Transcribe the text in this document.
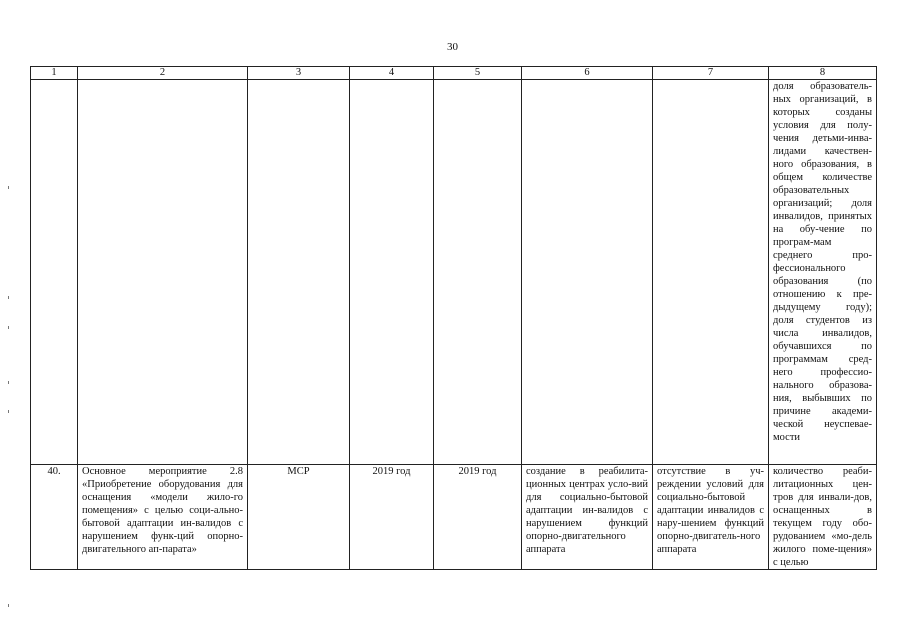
30
1	2	3	4	5	6	7	8
							доля образователь-ных организаций, в которых созданы условия для полу-чения детьми-инва-лидами качествен-ного образования, в общем количестве образовательных организаций; доля инвалидов, принятых на обу-чение по програм-мам среднего про-фессионального образования (по отношению к пре-дыдущему году); доля студентов из числа инвалидов, обучавшихся по программам сред-него профессио-нального образова-ния, выбывших по причине академи-ческой неуспевае-мости
40.	Основное мероприятие 2.8 «Приобретение оборудования для оснащения «модели жило-го помещения» с целью соци-ально-бытовой адаптации ин-валидов с нарушением функ-ций опорно-двигательного ап-парата»	МСР	2019 год	2019 год	создание в реабилита-ционных центрах усло-вий для социально-бытовой адаптации ин-валидов с нарушением функций опорно-двигательного аппарата	отсутствие в уч-реждении условий для социально-бытовой адаптации инвалидов с нару-шением функций опорно-двигатель-ного аппарата	количество реаби-литационных цен-тров для инвали-дов, оснащенных в текущем году обо-рудованием «мо-дель жилого поме-щения» с целью
